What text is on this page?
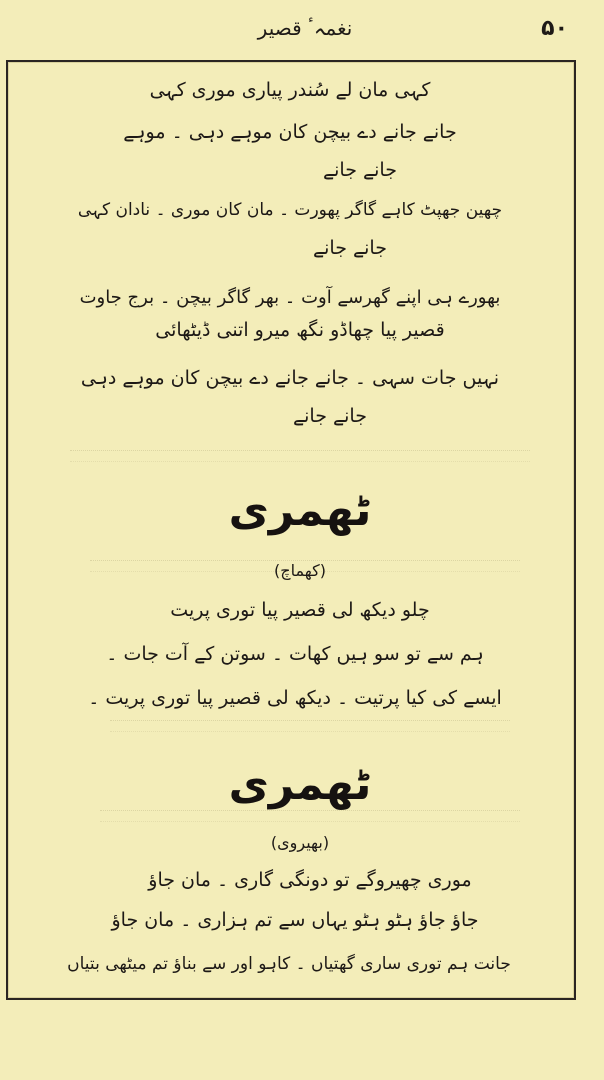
نغمہٴ قصیر	۵۰
کہی مان لے سُندر پیاری موری کہی
جانے جانے دے بیچن کان موہے دہی ۔ موہے
جانے جانے
چھین جھپٹ کاہے گاگر پھورت ۔ مان کان موری ۔ نادان کہی
جانے جانے
بھورے ہی اپنے گھرسے آوت ۔ بھر گاگر بیچن ۔ برج جاوت
قصیر پیا چھاڈو نگھ میرو اتنی ڈیٹھائی
نہیں جات سہی ۔ جانے جانے دے بیچن کان موہے دہی
جانے جانے
ٹھمری
(کھماچ)
چلو دیکھ لی قصیر پیا توری پریت
ہم سے تو سو ہیں کھات ۔ سوتن کے آت جات ۔
ایسے کی کیا پرتیت ۔ دیکھ لی قصیر پیا توری پریت ۔
ٹھمری
(بھیروی)
موری چھیروگے تو دونگی گاری ۔ مان جاؤ
جاؤ جاؤ ہٹو ہٹو یہاں سے تم ہزاری ۔ مان جاؤ
جانت ہم توری ساری گھتیاں ۔ کاہو اور سے بناؤ تم میٹھی بتیاں
